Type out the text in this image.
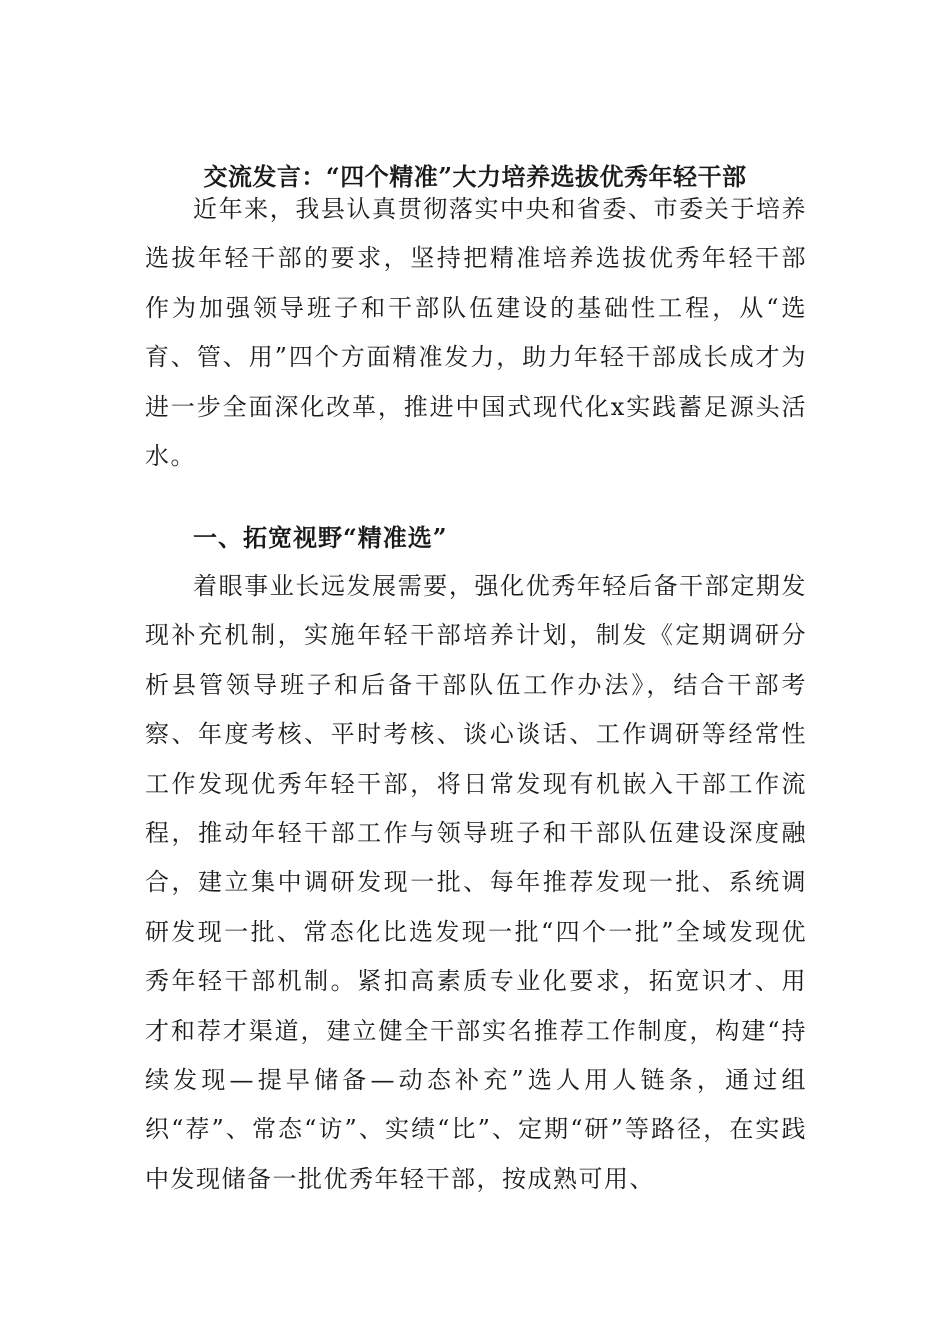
交流发言：“四个精准”大力培养选拔优秀年轻干部

近年来，我县认真贯彻落实中央和省委、市委关于培养选拔年轻干部的要求，坚持把精准培养选拔优秀年轻干部作为加强领导班子和干部队伍建设的基础性工程，从“选育、管、用”四个方面精准发力，助力年轻干部成长成才为进一步全面深化改革，推进中国式现代化x实践蓄足源头活水。

一、拓宽视野“精准选”

着眼事业长远发展需要，强化优秀年轻后备干部定期发现补充机制，实施年轻干部培养计划，制发《定期调研分析县管领导班子和后备干部队伍工作办法》，结合干部考察、年度考核、平时考核、谈心谈话、工作调研等经常性工作发现优秀年轻干部，将日常发现有机嵌入干部工作流程，推动年轻干部工作与领导班子和干部队伍建设深度融合，建立集中调研发现一批、每年推荐发现一批、系统调研发现一批、常态化比选发现一批“四个一批”全域发现优秀年轻干部机制。紧扣高素质专业化要求，拓宽识才、用才和荐才渠道，建立健全干部实名推荐工作制度，构建“持续发现—提早储备—动态补充”选人用人链条，通过组织“荐”、常态“访”、实绩“比”、定期“研”等路径，在实践中发现储备一批优秀年轻干部，按成熟可用、
